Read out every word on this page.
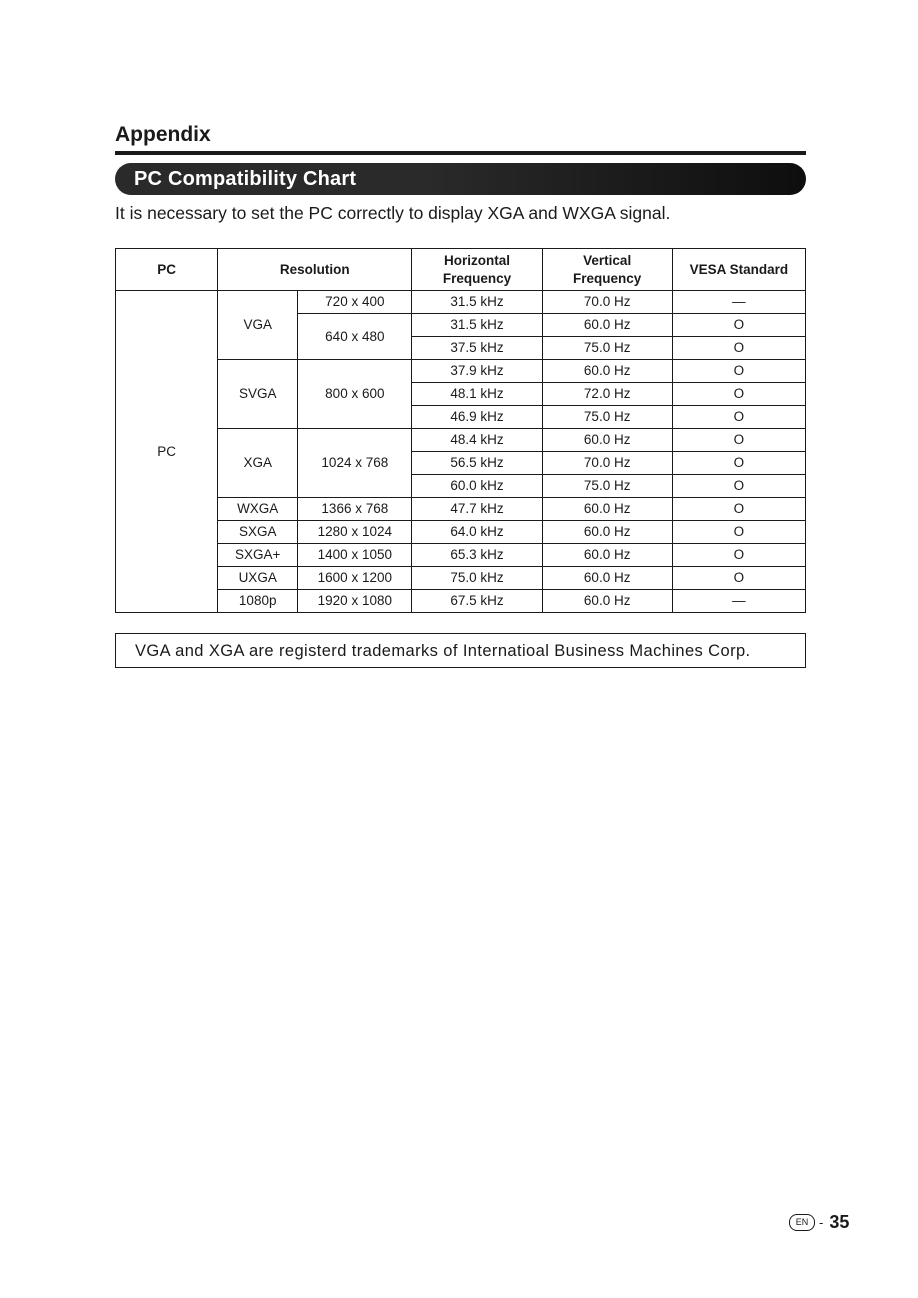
Appendix
PC Compatibility Chart

It is necessary to set the PC correctly to display XGA and WXGA signal.

PC	Resolution		Horizontal Frequency	Vertical Frequency	VESA Standard
PC	VGA	720 x 400	31.5 kHz	70.0 Hz	—
		640 x 480	31.5 kHz	60.0 Hz	O
			37.5 kHz	75.0 Hz	O
	SVGA	800 x 600	37.9 kHz	60.0 Hz	O
			48.1 kHz	72.0 Hz	O
			46.9 kHz	75.0 Hz	O
	XGA	1024 x 768	48.4 kHz	60.0 Hz	O
			56.5 kHz	70.0 Hz	O
			60.0 kHz	75.0 Hz	O
	WXGA	1366 x 768	47.7 kHz	60.0 Hz	O
	SXGA	1280 x 1024	64.0 kHz	60.0 Hz	O
	SXGA+	1400 x 1050	65.3 kHz	60.0 Hz	O
	UXGA	1600 x 1200	75.0 kHz	60.0 Hz	O
	1080p	1920 x 1080	67.5 kHz	60.0 Hz	—
VGA and XGA are registerd trademarks of Internatioal Business Machines Corp.
EN - 35
